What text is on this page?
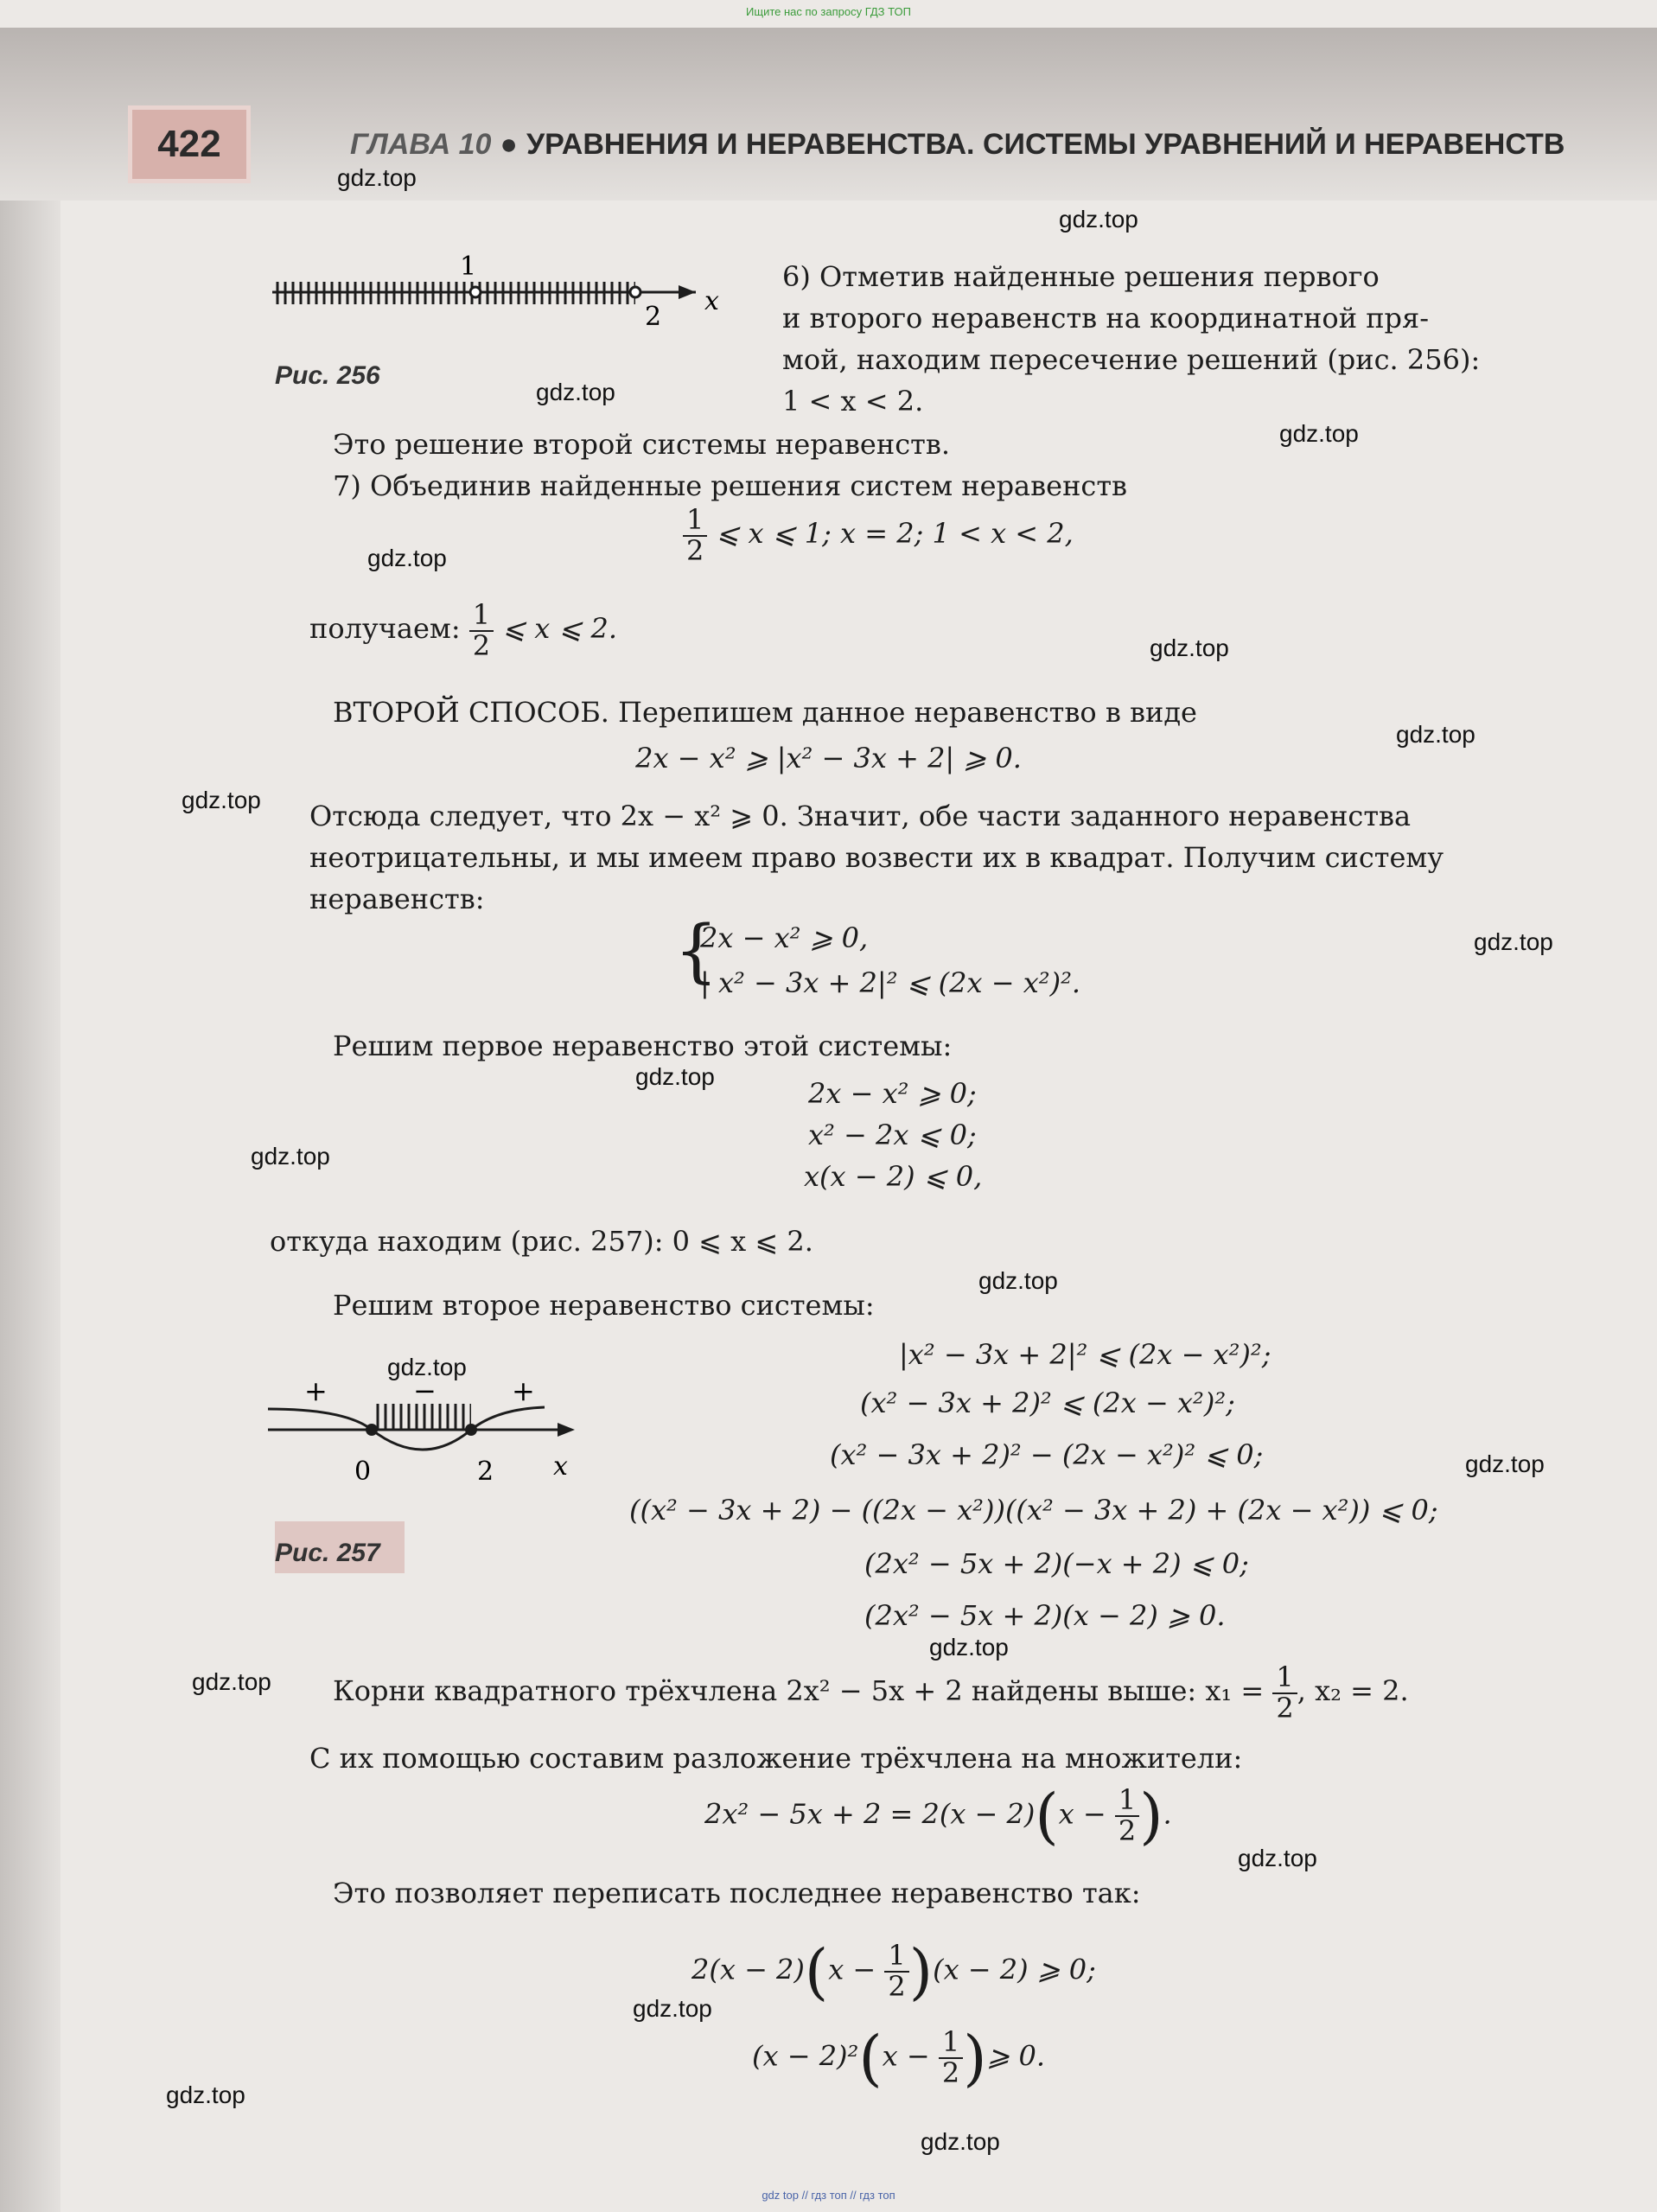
Ищите нас по запросу ГДЗ ТОП
422	ГЛАВА 10 ● УРАВНЕНИЯ И НЕРАВЕНСТВА. СИСТЕМЫ УРАВНЕНИЙ И НЕРАВЕНСТВ
1
2
x
Рис. 256
6) Отметив найденные решения первого
и второго неравенств на координатной пря-
мой, находим пересечение решений (рис. 256):
1 < x < 2.
Это решение второй системы неравенств.
7) Объединив найденные решения систем неравенств
$\frac{1}{2}$ ⩽ x ⩽ 1; x = 2; 1 < x < 2,
получаем: $\frac{1}{2}$ ⩽ x ⩽ 2.
ВТОРОЙ СПОСОБ. Перепишем данное неравенство в виде
2x − x² ⩾ |x² − 3x + 2| ⩾ 0.
Отсюда следует, что 2x − x² ⩾ 0. Значит, обе части заданного неравенства
неотрицательны, и мы имеем право возвести их в квадрат. Получим систему
неравенств:
{
2x − x² ⩾ 0,
| x² − 3x + 2|² ⩽ (2x − x²)².
Решим первое неравенство этой системы:
2x − x² ⩾ 0;
x² − 2x ⩽ 0;
x(x − 2) ⩽ 0,
откуда находим (рис. 257): 0 ⩽ x ⩽ 2.
Решим второе неравенство системы:
+	−	+
0	2 x
Рис. 257
|x² − 3x + 2|² ⩽ (2x − x²)²;
(x² − 3x + 2)² ⩽ (2x − x²)²;
(x² − 3x + 2)² − (2x − x²)² ⩽ 0;
((x² − 3x + 2) − ((2x − x²))((x² − 3x + 2) + (2x − x²)) ⩽ 0;
(2x² − 5x + 2)(−x + 2) ⩽ 0;
(2x² − 5x + 2)(x − 2) ⩾ 0.
Корни квадратного трёхчлена 2x² − 5x + 2 найдены выше: $x_1 = \frac{1}{2}$ , x₂ = 2.
С их помощью составим разложение трёхчлена на множители:
$2x^2 - 5x + 2 = 2(x - 2)(x - \frac{1}{2}$ ).
Это позволяет переписать последнее неравенство так:
$2(x - 2)(x - \frac{1}{2} )(x - 2)$ ⩾ 0;
$(x - 2)^2(x - \frac{1}{2}$ )⩾ 0.
gdz.top
gdz.top
gdz.top
gdz.top
gdz.top
gdz.top
gdz.top
gdz.top
gdz.top
gdz.top
gdz.top
gdz.top
gdz.top
gdz.top
gdz.top
gdz.top
gdz.top
gdz.top
gdz.top
gdz.top
gdz top // гдз топ // гдз топ
